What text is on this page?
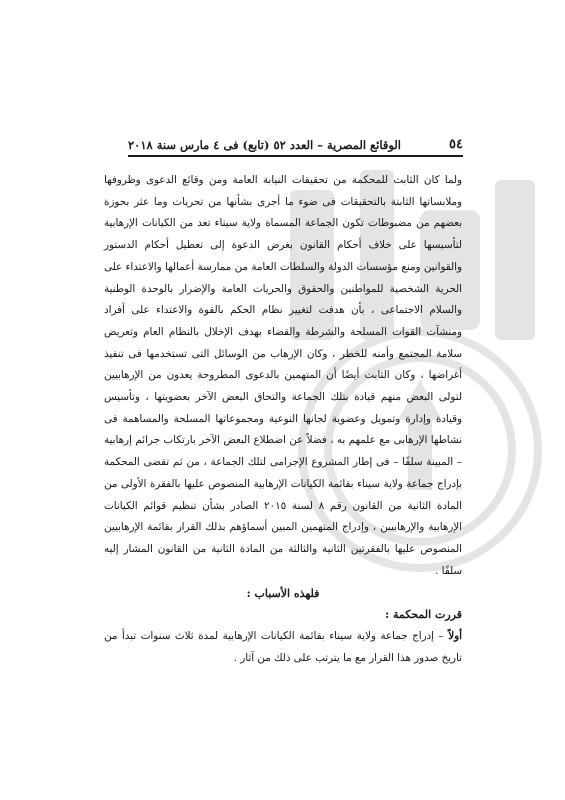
٥٤
الوقائع المصرية – العدد ٥٢ (تابع) فى ٤ مارس سنة ٢٠١٨

ولما كان الثابت للمحكمة من تحقيقات النيابة العامة ومن وقائع الدعوى وظروفها وملابساتها الثابتة بالتحقيقات فى ضوء ما أجرى بشأنها من تحريات وما عثر بحوزة بعضهم من مضبوطات تكون الجماعة المسماة ولاية سيناء تعد من الكيانات الإرهابية لتأسيسها على خلاف أحكام القانون بغرض الدعوة إلى تعطيل أحكام الدستور والقوانين ومنع مؤسسات الدولة والسلطات العامة من ممارسة أعمالها والاعتداء على الحرية الشخصية للمواطنين والحقوق والحريات العامة والإضرار بالوحدة الوطنية والسلام الاجتماعى ، بأن هدفت لتغيير نظام الحكم بالقوة والاعتداء على أفراد ومنشآت القوات المسلحة والشرطة والقضاء بهدف الإخلال بالنظام العام وتعريض سلامة المجتمع وأمنه للخطر ، وكان الإرهاب من الوسائل التى تستخدمها فى تنفيذ أغراضها ، وكان الثابت أيضًا أن المتهمين بالدعوى المطروحة يعدون من الإرهابيين لتولى البعض منهم قيادة بتلك الجماعة والتحاق البعض الآخر بعضويتها ، وتأسيس وقيادة وإدارة وتمويل وعضوية لجانها النوعية ومجموعاتها المسلحة والمساهمة فى نشاطها الإرهابى مع علمهم به ، فضلاً عن اضطلاع البعض الآخر بارتكاب جرائم إرهابية – المبينة سلفًا – فى إطار المشروع الإجرامى لتلك الجماعة ، من ثم تقضى المحكمة بإدراج جماعة ولاية سيناء بقائمة الكيانات الإرهابية المنصوص عليها بالفقرة الأولى من المادة الثانية من القانون رقم ٨ لسنة ٢٠١٥ الصادر بشأن تنظيم قوائم الكيانات الإرهابية والإرهابيين ، وإدراج المتهمين المبين أسماؤهم بذلك القرار بقائمة الإرهابيين المنصوص عليها بالفقرتين الثانية والثالثة من المادة الثانية من القانون المشار إليه سلفًا .

فلهذه الأسباب :

قررت المحكمة :

أولاً – إدراج جماعة ولاية سيناء بقائمة الكيانات الإرهابية لمدة ثلاث سنوات تبدأ من تاريخ صدور هذا القرار مع ما يترتب على ذلك من آثار .
